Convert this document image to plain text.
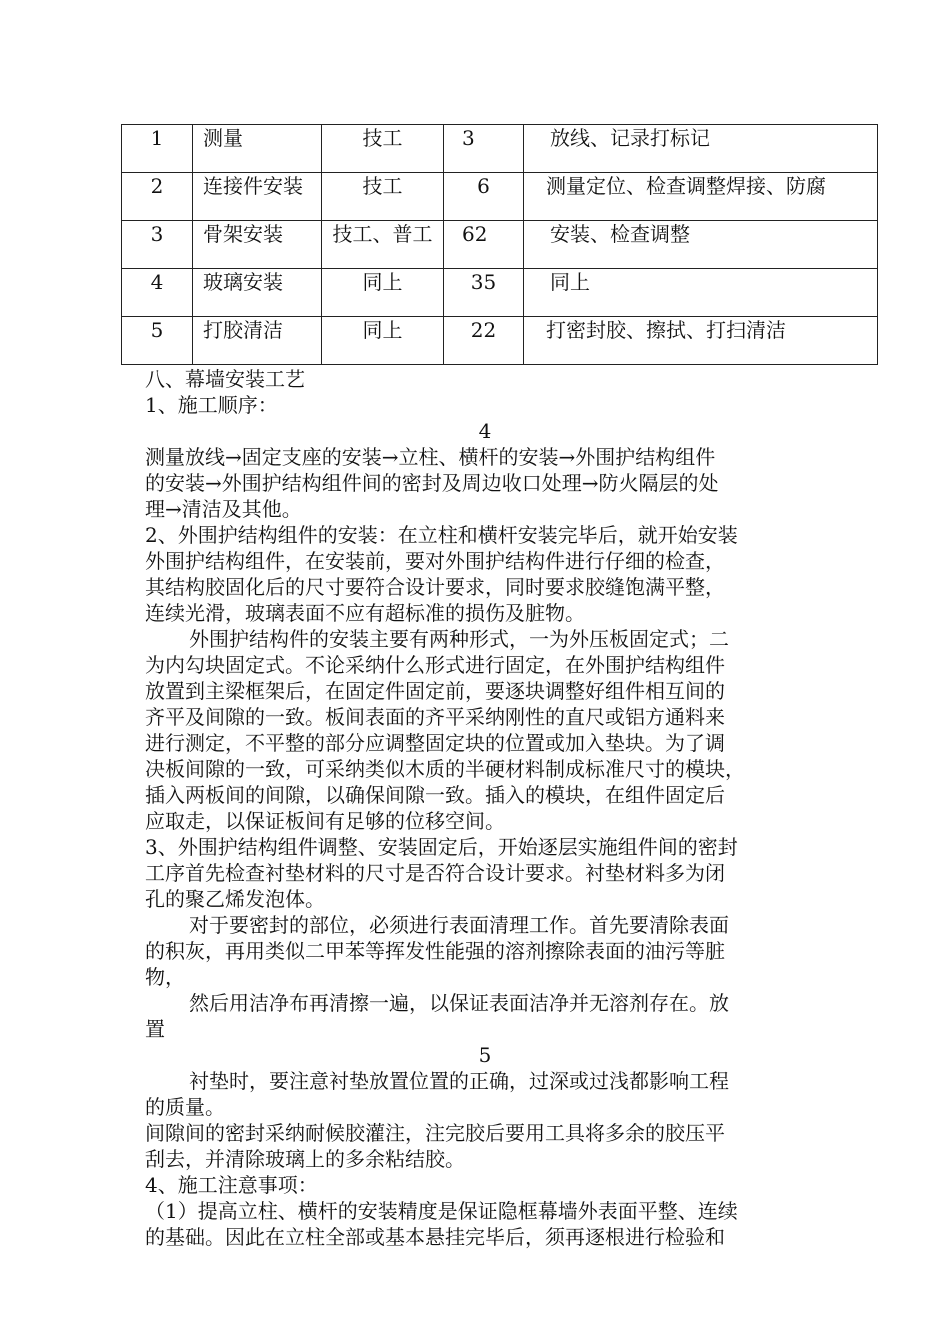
1	测量	技工	3	放线、记录打标记
2	连接件安装	技工	6	测量定位、检查调整焊接、防腐
3	骨架安装	技工、普工	62	安装、检查调整
4	玻璃安装	同上	35	同上
5	打胶清洁	同上	22	打密封胶、擦拭、打扫清洁
八、幕墙安装工艺
1、施工顺序：
4
测量放线→固定支座的安装→立柱、横杆的安装→外围护结构组件
的安装→外围护结构组件间的密封及周边收口处理→防火隔层的处
理→清洁及其他。
2、外围护结构组件的安装：在立柱和横杆安装完毕后，就开始安装
外围护结构组件，在安装前，要对外围护结构件进行仔细的检查，
其结构胶固化后的尺寸要符合设计要求，同时要求胶缝饱满平整，
连续光滑，玻璃表面不应有超标准的损伤及脏物。
外围护结构件的安装主要有两种形式，一为外压板固定式；二
为内勾块固定式。不论采纳什么形式进行固定，在外围护结构组件
放置到主梁框架后，在固定件固定前，要逐块调整好组件相互间的
齐平及间隙的一致。板间表面的齐平采纳刚性的直尺或铝方通料来
进行测定，不平整的部分应调整固定块的位置或加入垫块。为了调
决板间隙的一致，可采纳类似木质的半硬材料制成标准尺寸的模块，
插入两板间的间隙，以确保间隙一致。插入的模块，在组件固定后
应取走，以保证板间有足够的位移空间。
3、外围护结构组件调整、安装固定后，开始逐层实施组件间的密封
工序首先检查衬垫材料的尺寸是否符合设计要求。衬垫材料多为闭
孔的聚乙烯发泡体。
对于要密封的部位，必须进行表面清理工作。首先要清除表面
的积灰，再用类似二甲苯等挥发性能强的溶剂擦除表面的油污等脏
物，
然后用洁净布再清擦一遍，以保证表面洁净并无溶剂存在。放
置
5
衬垫时，要注意衬垫放置位置的正确，过深或过浅都影响工程
的质量。
间隙间的密封采纳耐候胶灌注，注完胶后要用工具将多余的胶压平
刮去，并清除玻璃上的多余粘结胶。
4、施工注意事项：
（1）提高立柱、横杆的安装精度是保证隐框幕墙外表面平整、连续
的基础。因此在立柱全部或基本悬挂完毕后，须再逐根进行检验和
